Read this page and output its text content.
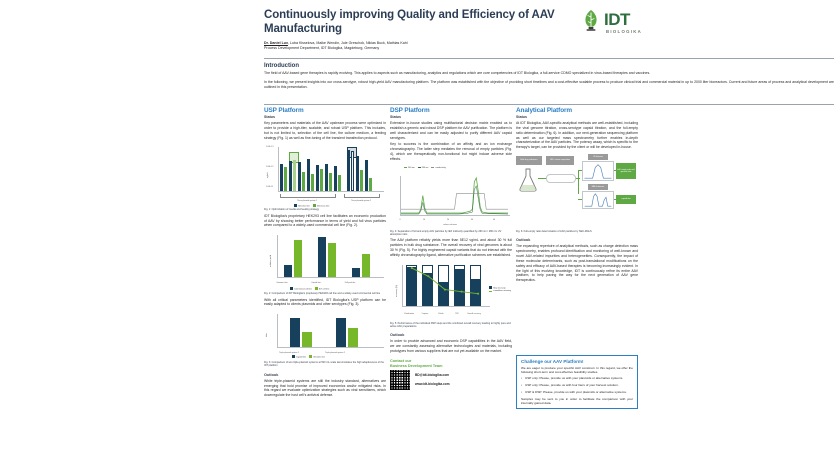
Continuously improving Quality and Efficiency of AAV Manufacturing
Dr. Daniel Lux, Luba Kisselova, Maike Wendin, Jule Greschok, Niklas Buck, Mathias Kahl
Process Development Department, IDT Biologika, Magdeburg, Germany
IDT
BIOLOGIKA
Introduction

The field of AAV-based gene therapies is rapidly evolving. This applies to aspects such as manufacturing, analytics and regulations which are core competencies of IDT Biologika, a full-service CDMO specialized in virus-based therapies and vaccines.

In the following, we present insights into our cross-serotype, robust high-yield AAV manufacturing platform. The platform was established with the objective of providing short timelines and a cost-effective scalable process to produce clinical trial and commercial material in up to 2000 liter bioreactors. Current and future areas of process and analytical development are outlined in this presentation.

USP Platform
Status

Key parameters and materials of the AAV upstream process were optimized in order to provide a high-titer, scalable, and robust USP platform. This includes, but is not limited to, selection of the cell line, the culture medium, a feeding strategy (Fig. 1) as well as fine-tuning of the transient transfection protocol.

vg/mL
1.0E+13
1.0E+12
1.0E+11
Three plasmid system 1	Three plasmid system 2
Genomic titer	Infectious titer
Fig. 1: Optimization of media and feeding strategy

IDT Biologika's proprietary HEK293 cell line facilitates an economic production of AAV by showing better performance in terms of yield and full virus particles when compared to a widely-used commercial cell line (Fig. 2).

relative yield
Genomic titer	Capsid titer	Full particles
Commercial cell line	IDT cell line
Fig. 2: Comparison of IDT Biologika's proprietary HEK293 cell line and a widely-used commercial cell line

With all critical parameters identified, IDT Biologika's USP platform can be easily adapted to clients plasmids and other serotypes (Fig. 3).

titer
Triple plasmid system 1	Triple plasmid system 2
Capsid titer	Genomic titer
Fig. 3: Comparison of two triple-plasmid systems at 500 mL scale demonstrates the high adaptiveness of the IDT platform
Outlook

While triple-plasmid systems are still the industry standard, alternatives are emerging that hold promise of improved economics and/or mitigated risks. In this regard we evaluate optimization strategies such as viral sensitizers, which downregulate the host cell's antiviral defense.

DSP Platform
Status

Extensive in-house studies using multifactorial decision matrix enabled us to establish a generic and robust DSP platform for AAV purification. The platform is well characterized and can be easily adjusted to purify different AAV capsid serotypes.

Key to success is the combination of an affinity and an ion exchange chromatography. The latter step mediates the removal of empty particles (Fig. 4), which are therapeutically non-functional but might induce adverse side effects.

260 nm	280 nm	conductivity
0	10	20	30	40
column volumes
Fig. 4: Separation of full and empty AAV particles by IEX indirectly quantified by 260 nm / 280 nm UV absorption ratio

The AAV platform reliably yields more than 5E12 vg/mL and about 30 % full particles in bulk drug substance. The overall recovery of viral genomes is about 30 % (Fig. 5). For highly engineered capsid variants that do not interact with the affinity chromatography ligand, alternative purification schemes are established.

recovery [%]	Step recovery
cumulative recovery
Clarification	Capture	Polish	TFF	Overall recovery
Fig. 5: Performance of the individual DSP steps and the combined overall recovery leading to highly pure and active AAV preparations
Outlook

In order to provide advanced and economic DSP capabilities in the AAV field, we are constantly assessing alternative technologies and materials, including prototypes from various suppliers that are not yet available on the market.

Contact our
Business Development Team
BD@idt-biologika.com
www.idt-biologika.com
Analytical Platform
Status

At IDT Biologika, AAV-specific analytical methods are well-established, including the viral genome titration, cross-serotype capsid titration, and the full-empty ratio determination (Fig. 6). In addition, our next-generation sequencing platform as well as our targeted mass spectrometry further enables in-depth characterization of the AAV particles. The potency assay, which is specific to the therapy's target, can be provided by the client or will be developed in-house.

Bulk drug substance	SEC column separation
UV detector
full / empty ratio and genomic titer
MALS detector
capsid titer
Fig. 6: Full-empty ratio determination of AAV particles by SEC-MALS
Outlook

The expanding repertoire of analytical methods, such as charge detection mass spectrometry, enables profound identification and monitoring of well-known and novel AAV-related impurities and heterogeneities. Consequently, the impact of these molecular determinants, such as post-translational modifications on the safety and efficacy of AAV-based therapies is becoming increasingly evident. In the light of this evolving knowledge, IDT is continuously refine its entire AAV platform, to help paving the way for the next generation of AAV gene therapeutics.

Challenge our AAV Platform!
We are eager to produce your specific AAV construct. In this regard, we offer the following short-term and cost-effective feasibility studies.
▪ USP only: Please, provide us with your plasmids or alternative systems.
▪ USP only: Please, provide us with four liters of your harvest solution.
▪ USP & DSP: Please, provide us with your plasmids or alternative systems.
Samples may be sent to you in order to facilitate the comparison with your internally gained data.
